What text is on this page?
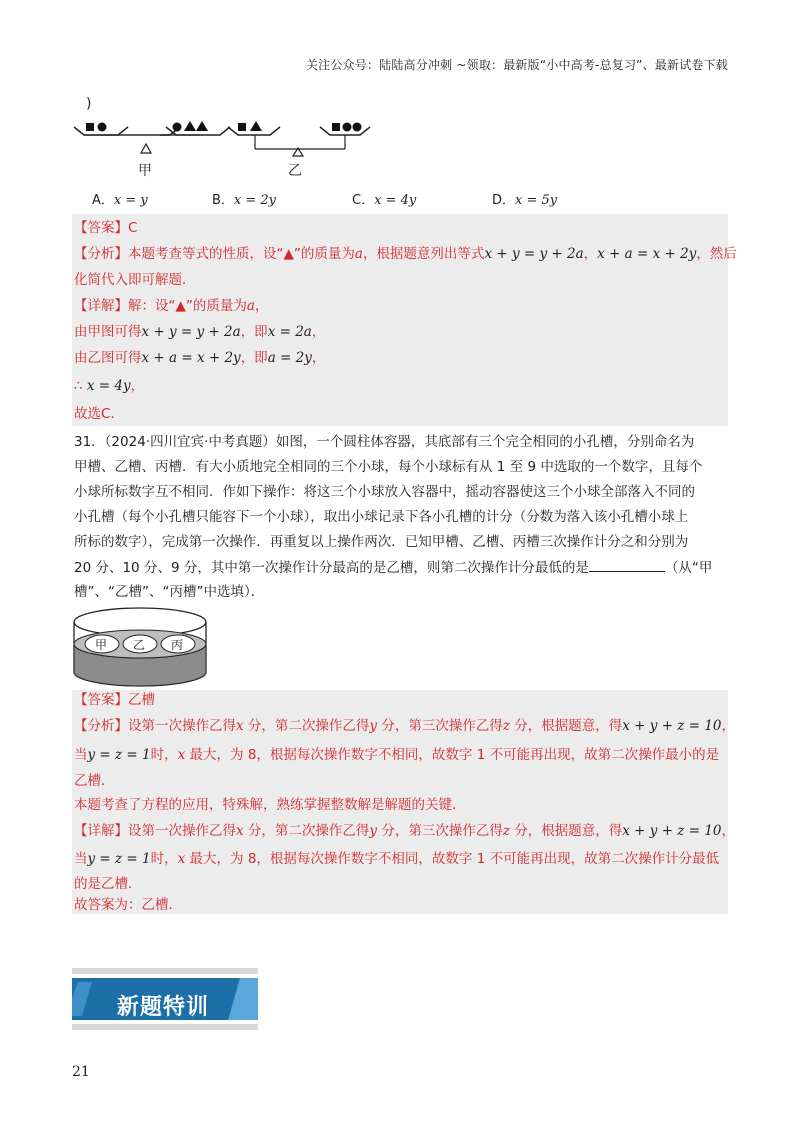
关注公众号：陆陆高分冲刺 ~领取：最新版“小中高考-总复习”、最新试卷下载
)
甲	乙
A．x = y	B．x = 2y	C．x = 4y	D．x = 5y
【答案】C
【分析】本题考查等式的性质，设“▲”的质量为a，根据题意列出等式x + y = y + 2a，x + a = x + 2y，然后
化简代入即可解题．
【详解】解：设“▲”的质量为a，
由甲图可得x + y = y + 2a，即x = 2a，
由乙图可得x + a = x + 2y，即a = 2y，
∴ x = 4y，
故选C．
31．（2024·四川宜宾·中考真题）如图，一个圆柱体容器，其底部有三个完全相同的小孔槽，分别命名为
甲槽、乙槽、丙槽．有大小质地完全相同的三个小球，每个小球标有从 1 至 9 中选取的一个数字，且每个
小球所标数字互不相同．作如下操作：将这三个小球放入容器中，摇动容器使这三个小球全部落入不同的
小孔槽（每个小孔槽只能容下一个小球），取出小球记录下各小孔槽的计分（分数为落入该小孔槽小球上
所标的数字），完成第一次操作．再重复以上操作两次．已知甲槽、乙槽、丙槽三次操作计分之和分别为
20 分、10 分、9 分，其中第一次操作计分最高的是乙槽，则第二次操作计分最低的是	（从“甲
槽”、“乙槽”、“丙槽”中选填）．
甲 乙 丙
【答案】乙槽
【分析】设第一次操作乙得x 分，第二次操作乙得y 分，第三次操作乙得z 分，根据题意，得x + y + z = 10，
当y = z = 1时，x 最大，为 8，根据每次操作数字不相同，故数字 1 不可能再出现，故第二次操作最小的是
乙槽．
本题考查了方程的应用，特殊解，熟练掌握整数解是解题的关键．
【详解】设第一次操作乙得x 分，第二次操作乙得y 分，第三次操作乙得z 分，根据题意，得x + y + z = 10，
当y = z = 1时，x 最大，为 8，根据每次操作数字不相同，故数字 1 不可能再出现，故第二次操作计分最低
的是乙槽．
故答案为：乙槽．
新题特训
21
